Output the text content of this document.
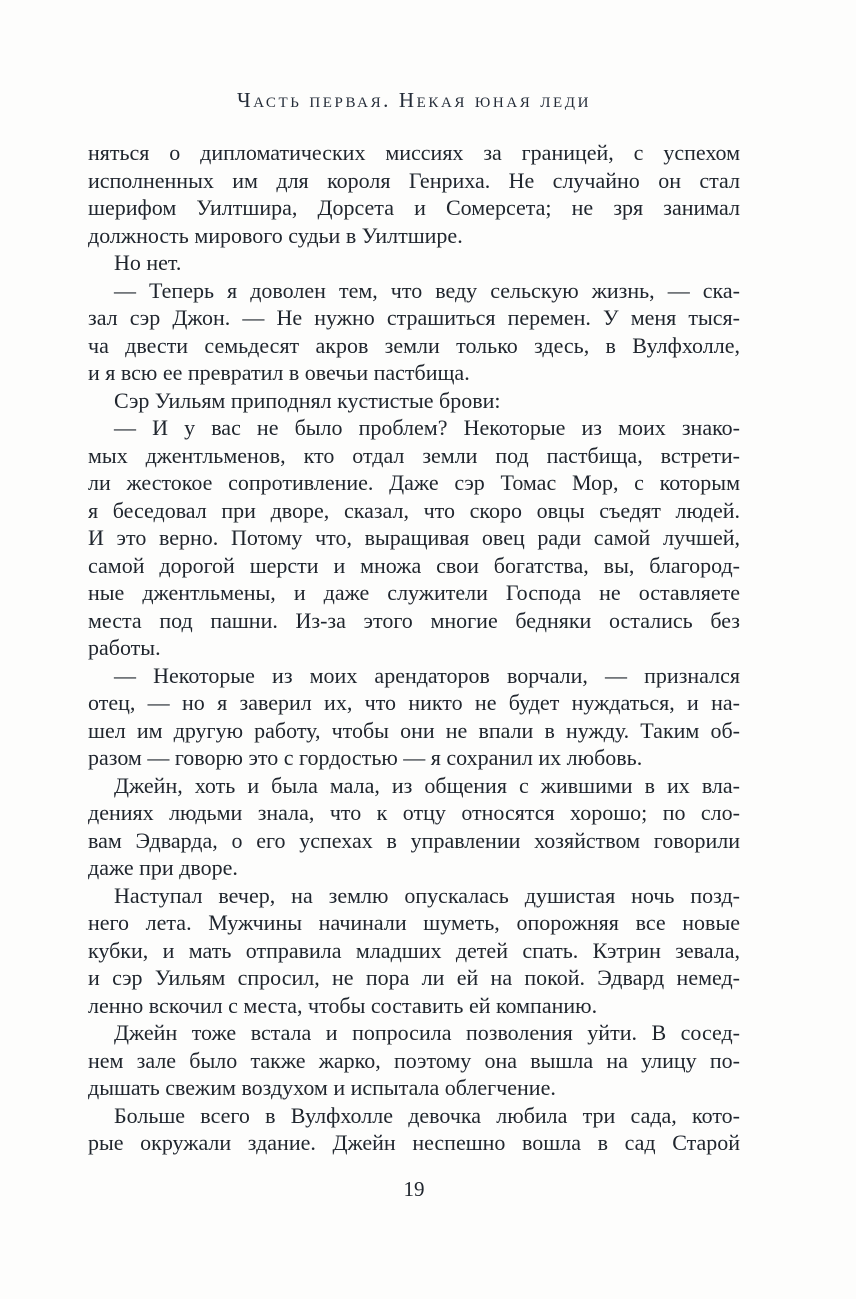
Часть первая. Некая юная леди
няться о дипломатических миссиях за границей, с успехом
исполненных им для короля Генриха. Не случайно он стал
шерифом Уилтшира, Дорсета и Сомерсета; не зря занимал
должность мирового судьи в Уилтшире.
Но нет.
— Теперь я доволен тем, что веду сельскую жизнь, — ска-
зал сэр Джон. — Не нужно страшиться перемен. У меня тыся-
ча двести семьдесят акров земли только здесь, в Вулфхолле,
и я всю ее превратил в овечьи пастбища.
Сэр Уильям приподнял кустистые брови:
— И у вас не было проблем? Некоторые из моих знако-
мых джентльменов, кто отдал земли под пастбища, встрети-
ли жестокое сопротивление. Даже сэр Томас Мор, с которым
я беседовал при дворе, сказал, что скоро овцы съедят людей.
И это верно. Потому что, выращивая овец ради самой лучшей,
самой дорогой шерсти и множа свои богатства, вы, благород-
ные джентльмены, и даже служители Господа не оставляете
места под пашни. Из-за этого многие бедняки остались без
работы.
— Некоторые из моих арендаторов ворчали, — признался
отец, — но я заверил их, что никто не будет нуждаться, и на-
шел им другую работу, чтобы они не впали в нужду. Таким об-
разом — говорю это с гордостью — я сохранил их любовь.
Джейн, хоть и была мала, из общения с жившими в их вла-
дениях людьми знала, что к отцу относятся хорошо; по сло-
вам Эдварда, о его успехах в управлении хозяйством говорили
даже при дворе.
Наступал вечер, на землю опускалась душистая ночь позд-
него лета. Мужчины начинали шуметь, опорожняя все новые
кубки, и мать отправила младших детей спать. Кэтрин зевала,
и сэр Уильям спросил, не пора ли ей на покой. Эдвард немед-
ленно вскочил с места, чтобы составить ей компанию.
Джейн тоже встала и попросила позволения уйти. В сосед-
нем зале было также жарко, поэтому она вышла на улицу по-
дышать свежим воздухом и испытала облегчение.
Больше всего в Вулфхолле девочка любила три сада, кото-
рые окружали здание. Джейн неспешно вошла в сад Старой
19
